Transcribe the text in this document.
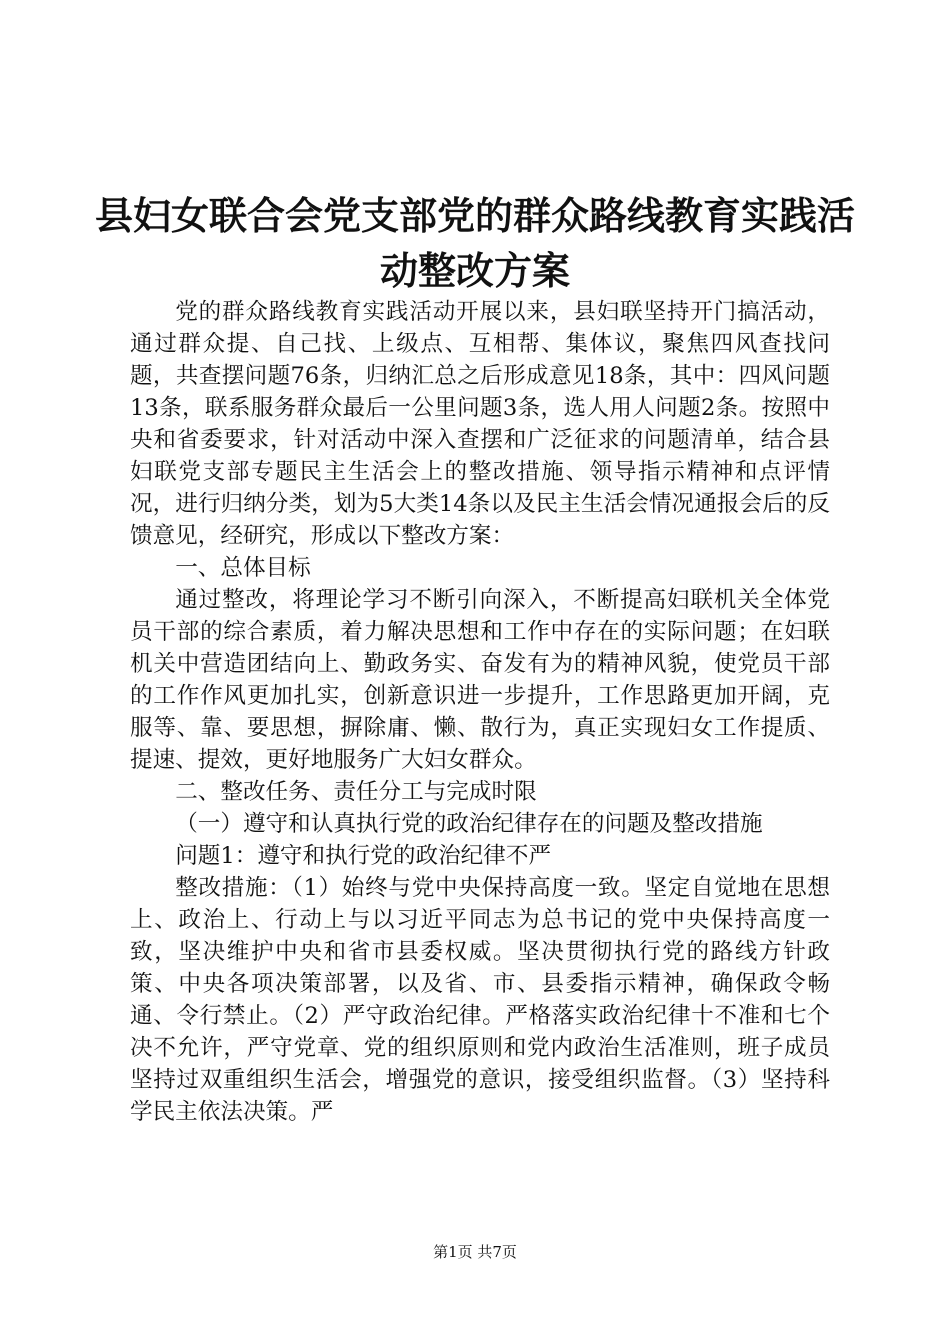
县妇女联合会党支部党的群众路线教育实践活
动整改方案

党的群众路线教育实践活动开展以来，县妇联坚持开门搞活动，通过群众提、自己找、上级点、互相帮、集体议，聚焦四风查找问题，共查摆问题76条，归纳汇总之后形成意见18条，其中：四风问题13条，联系服务群众最后一公里问题3条，选人用人问题2条。按照中央和省委要求，针对活动中深入查摆和广泛征求的问题清单，结合县妇联党支部专题民主生活会上的整改措施、领导指示精神和点评情况，进行归纳分类，划为5大类14条以及民主生活会情况通报会后的反馈意见，经研究，形成以下整改方案：

一、总体目标

通过整改，将理论学习不断引向深入，不断提高妇联机关全体党员干部的综合素质，着力解决思想和工作中存在的实际问题；在妇联机关中营造团结向上、勤政务实、奋发有为的精神风貌，使党员干部的工作作风更加扎实，创新意识进一步提升，工作思路更加开阔，克服等、靠、要思想，摒除庸、懒、散行为，真正实现妇女工作提质、提速、提效，更好地服务广大妇女群众。

二、整改任务、责任分工与完成时限

（一）遵守和认真执行党的政治纪律存在的问题及整改措施

问题1：遵守和执行党的政治纪律不严

整改措施：（1）始终与党中央保持高度一致。坚定自觉地在思想上、政治上、行动上与以习近平同志为总书记的党中央保持高度一致，坚决维护中央和省市县委权威。坚决贯彻执行党的路线方针政策、中央各项决策部署，以及省、市、县委指示精神，确保政令畅通、令行禁止。（2）严守政治纪律。严格落实政治纪律十不准和七个决不允许，严守党章、党的组织原则和党内政治生活准则，班子成员坚持过双重组织生活会，增强党的意识，接受组织监督。（3）坚持科学民主依法决策。严

第1页 共7页
